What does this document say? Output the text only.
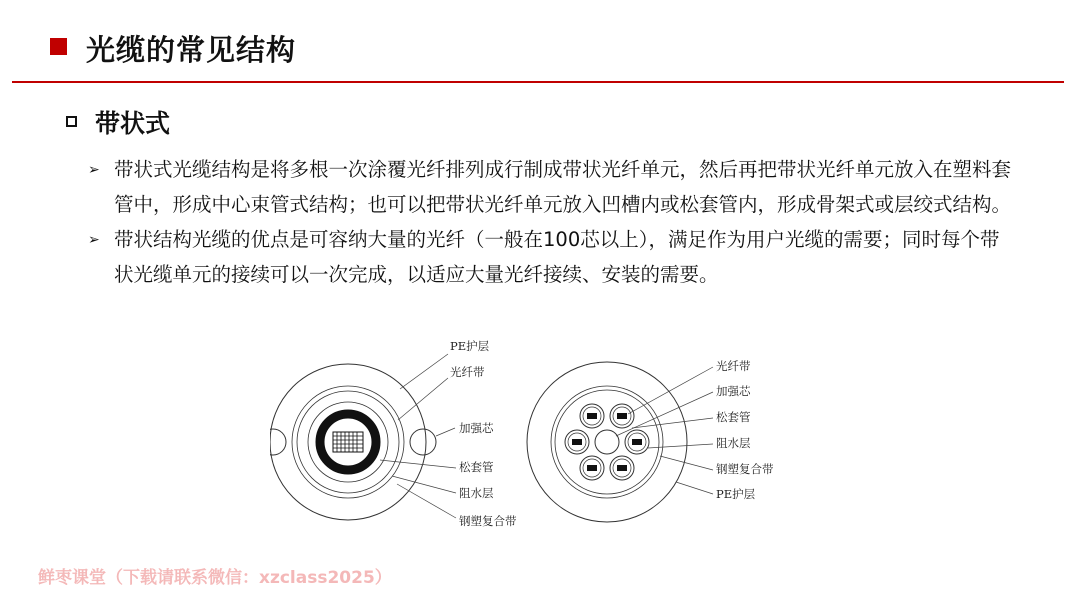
光缆的常见结构
带状式
➢ 带状式光缆结构是将多根一次涂覆光纤排列成行制成带状光纤单元，然后再把带状光纤单元放入在塑料套管中，形成中心束管式结构；也可以把带状光纤单元放入凹槽内或松套管内，形成骨架式或层绞式结构。
➢ 带状结构光缆的优点是可容纳大量的光纤（一般在100芯以上），满足作为用户光缆的需要；同时每个带状光缆单元的接续可以一次完成，以适应大量光纤接续、安装的需要。
PE护层
光纤带
加强芯
松套管
阻水层
钢塑复合带
光纤带
加强芯
松套管
阻水层
钢塑复合带
PE护层
鲜枣课堂（下载请联系微信：xzclass2025）
